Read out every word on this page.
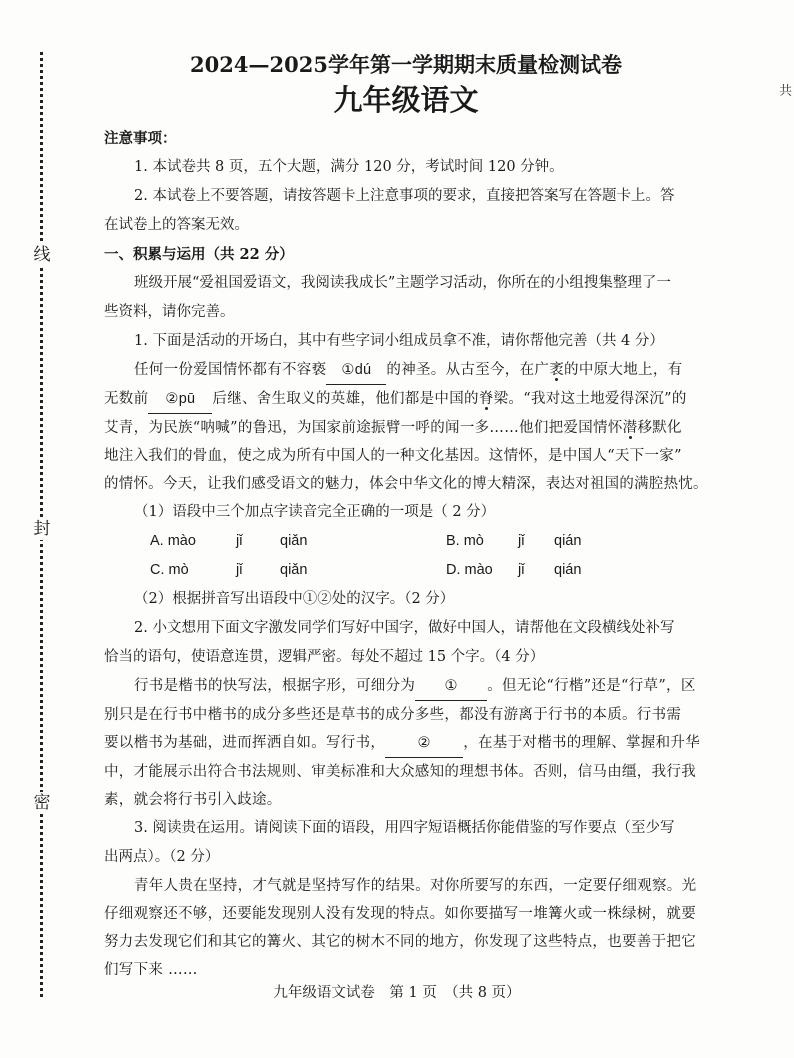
线
封
密
共

2024—2025学年第一学期期末质量检测试卷

九年级语文

注意事项：

1. 本试卷共 8 页，五个大题，满分 120 分，考试时间 120 分钟。

2. 本试卷上不要答题，请按答题卡上注意事项的要求，直接把答案写在答题卡上。答

在试卷上的答案无效。

一、积累与运用（共 22 分）

班级开展“爱祖国爱语文，我阅读我成长”主题学习活动，你所在的小组搜集整理了一

些资料，请你完善。

1. 下面是活动的开场白，其中有些字词小组成员拿不准，请你帮他完善（共 4 分）

任何一份爱国情怀都有不容亵 ①dú 的神圣。从古至今，在广袤的中原大地上，有

无数前 ②pū 后继、舍生取义的英雄，他们都是中国的脊梁。“我对这土地爱得深沉”的

艾青，为民族“呐喊”的鲁迅，为国家前途振臂一呼的闻一多……他们把爱国情怀潜移默化

地注入我们的骨血，使之成为所有中国人的一种文化基因。这情怀，是中国人“天下一家”

的情怀。今天，让我们感受语文的魅力，体会中华文化的博大精深，表达对祖国的满腔热忱。

（1）语段中三个加点字读音完全正确的一项是（ 2 分）

A. mào	jǐ	qiǎn	B. mò jǐ qián
C. mò	jǐ	qiǎn	D. mào jǐ qián

（2）根据拼音写出语段中①②处的汉字。（2 分）

2. 小文想用下面文字激发同学们写好中国字，做好中国人，请帮他在文段横线处补写

恰当的语句，使语意连贯，逻辑严密。每处不超过 15 个字。（4 分）

行书是楷书的快写法，根据字形，可细分为 ① 。但无论“行楷”还是“行草”，区

别只是在行书中楷书的成分多些还是草书的成分多些，都没有游离于行书的本质。行书需

要以楷书为基础，进而挥洒自如。写行书， ② ，在基于对楷书的理解、掌握和升华

中，才能展示出符合书法规则、审美标准和大众感知的理想书体。否则，信马由缰，我行我

素，就会将行书引入歧途。

3. 阅读贵在运用。请阅读下面的语段，用四字短语概括你能借鉴的写作要点（至少写

出两点）。（2 分）

青年人贵在坚持，才气就是坚持写作的结果。对你所要写的东西，一定要仔细观察。光

仔细观察还不够，还要能发现别人没有发现的特点。如你要描写一堆篝火或一株绿树，就要

努力去发现它们和其它的篝火、其它的树木不同的地方，你发现了这些特点，也要善于把它

们写下来 ……

九年级语文试卷　第 1 页　（共 8 页）
